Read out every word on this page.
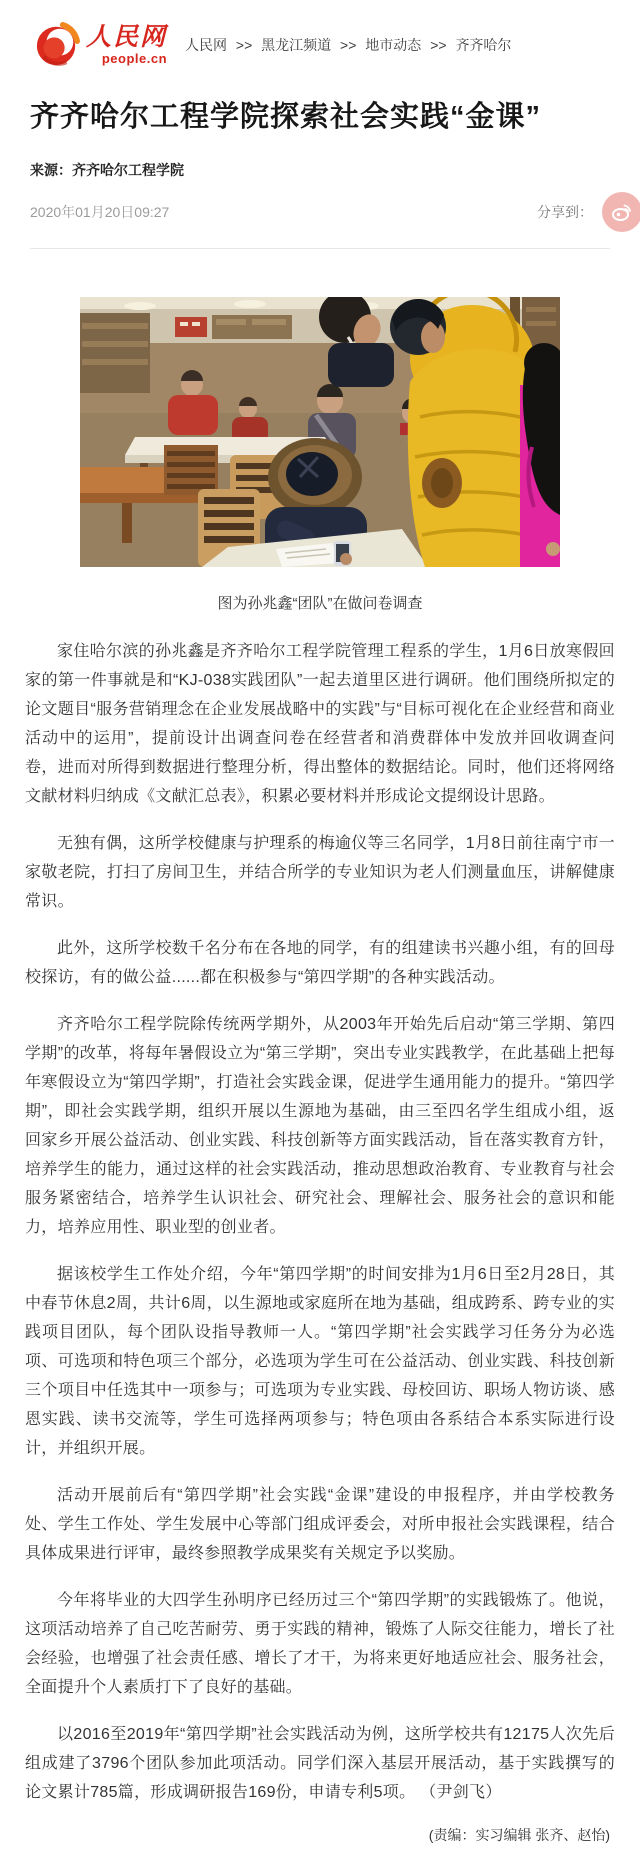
人民网
people.cn
人民网 >> 黑龙江频道 >> 地市动态 >> 齐齐哈尔
齐齐哈尔工程学院探索社会实践“金课”
来源：齐齐哈尔工程学院
2020年01月20日09:27	分享到：
图为孙兆鑫“团队”在做问卷调查

家住哈尔滨的孙兆鑫是齐齐哈尔工程学院管理工程系的学生，1月6日放寒假回家的第一件事就是和“KJ-038实践团队”一起去道里区进行调研。他们围绕所拟定的论文题目“服务营销理念在企业发展战略中的实践”与“目标可视化在企业经营和商业活动中的运用”，提前设计出调查问卷在经营者和消费群体中发放并回收调查问卷，进而对所得到数据进行整理分析，得出整体的数据结论。同时，他们还将网络文献材料归纳成《文献汇总表》，积累必要材料并形成论文提纲设计思路。

无独有偶，这所学校健康与护理系的梅逾仪等三名同学，1月8日前往南宁市一家敬老院，打扫了房间卫生，并结合所学的专业知识为老人们测量血压，讲解健康常识。

此外，这所学校数千名分布在各地的同学，有的组建读书兴趣小组，有的回母校探访，有的做公益......都在积极参与“第四学期”的各种实践活动。

齐齐哈尔工程学院除传统两学期外，从2003年开始先后启动“第三学期、第四学期”的改革，将每年暑假设立为“第三学期”，突出专业实践教学，在此基础上把每年寒假设立为“第四学期”，打造社会实践金课，促进学生通用能力的提升。“第四学期”，即社会实践学期，组织开展以生源地为基础，由三至四名学生组成小组，返回家乡开展公益活动、创业实践、科技创新等方面实践活动，旨在落实教育方针，培养学生的能力，通过这样的社会实践活动，推动思想政治教育、专业教育与社会服务紧密结合，培养学生认识社会、研究社会、理解社会、服务社会的意识和能力，培养应用性、职业型的创业者。

据该校学生工作处介绍，今年“第四学期”的时间安排为1月6日至2月28日，其中春节休息2周，共计6周，以生源地或家庭所在地为基础，组成跨系、跨专业的实践项目团队，每个团队设指导教师一人。“第四学期”社会实践学习任务分为必选项、可选项和特色项三个部分，必选项为学生可在公益活动、创业实践、科技创新三个项目中任选其中一项参与；可选项为专业实践、母校回访、职场人物访谈、感恩实践、读书交流等，学生可选择两项参与；特色项由各系结合本系实际进行设计，并组织开展。

活动开展前后有“第四学期”社会实践“金课”建设的申报程序，并由学校教务处、学生工作处、学生发展中心等部门组成评委会，对所申报社会实践课程，结合具体成果进行评审，最终参照教学成果奖有关规定予以奖励。

今年将毕业的大四学生孙明序已经历过三个“第四学期”的实践锻炼了。他说，这项活动培养了自己吃苦耐劳、勇于实践的精神，锻炼了人际交往能力，增长了社会经验，也增强了社会责任感、增长了才干，为将来更好地适应社会、服务社会，全面提升个人素质打下了良好的基础。

以2016至2019年“第四学期”社会实践活动为例，这所学校共有12175人次先后组成建了3796个团队参加此项活动。同学们深入基层开展活动，基于实践撰写的论文累计785篇，形成调研报告169份，申请专利5项。 （尹剑飞）

(责编：实习编辑 张齐、赵怡)
